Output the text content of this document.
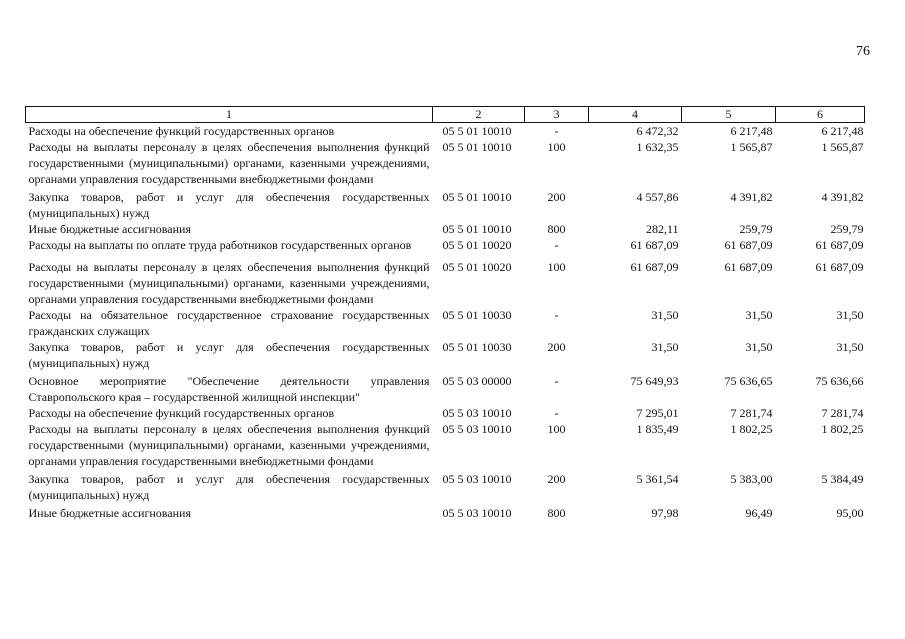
76
1	2	3	4	5	6
Расходы на обеспечение функций государственных органов	05 5 01 10010	-	6 472,32	6 217,48	6 217,48
Расходы на выплаты персоналу в целях обеспечения выполнения функций государственными (муниципальными) органами, казенными учреждениями, органами управления государственными внебюджетными фондами	05 5 01 10010	100	1 632,35	1 565,87	1 565,87
Закупка товаров, работ и услуг для обеспечения государственных (муниципальных) нужд	05 5 01 10010	200	4 557,86	4 391,82	4 391,82
Иные бюджетные ассигнования	05 5 01 10010	800	282,11	259,79	259,79
Расходы на выплаты по оплате труда работников государственных органов	05 5 01 10020	-	61 687,09	61 687,09	61 687,09
Расходы на выплаты персоналу в целях обеспечения выполнения функций государственными (муниципальными) органами, казенными учреждениями, органами управления государственными внебюджетными фондами	05 5 01 10020	100	61 687,09	61 687,09	61 687,09
Расходы на обязательное государственное страхование государственных гражданских служащих	05 5 01 10030	-	31,50	31,50	31,50
Закупка товаров, работ и услуг для обеспечения государственных (муниципальных) нужд	05 5 01 10030	200	31,50	31,50	31,50
Основное мероприятие "Обеспечение деятельности управления Ставропольского края – государственной жилищной инспекции"	05 5 03 00000	-	75 649,93	75 636,65	75 636,66
Расходы на обеспечение функций государственных органов	05 5 03 10010	-	7 295,01	7 281,74	7 281,74
Расходы на выплаты персоналу в целях обеспечения выполнения функций государственными (муниципальными) органами, казенными учреждениями, органами управления государственными внебюджетными фондами	05 5 03 10010	100	1 835,49	1 802,25	1 802,25
Закупка товаров, работ и услуг для обеспечения государственных (муниципальных) нужд	05 5 03 10010	200	5 361,54	5 383,00	5 384,49
Иные бюджетные ассигнования	05 5 03 10010	800	97,98	96,49	95,00
